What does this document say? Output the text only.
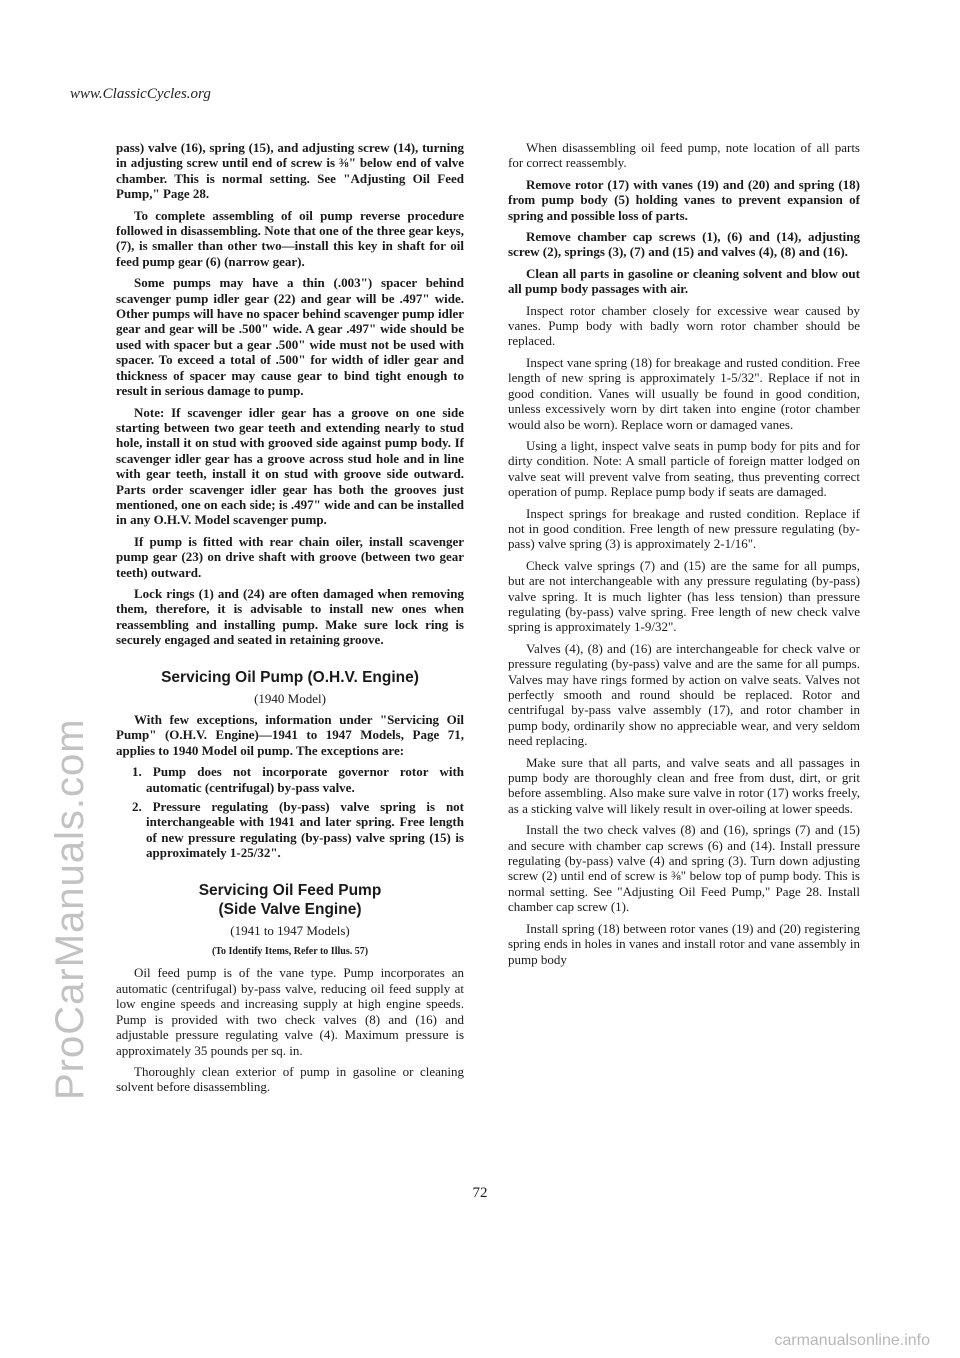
www.ClassicCycles.org
ProCarManuals.com

pass) valve (16), spring (15), and adjusting screw (14), turning in adjusting screw until end of screw is ⅜" below end of valve chamber. This is normal setting. See "Adjusting Oil Feed Pump," Page 28.

To complete assembling of oil pump reverse procedure followed in disassembling. Note that one of the three gear keys, (7), is smaller than other two—install this key in shaft for oil feed pump gear (6) (narrow gear).

Some pumps may have a thin (.003") spacer behind scavenger pump idler gear (22) and gear will be .497" wide. Other pumps will have no spacer behind scavenger pump idler gear and gear will be .500" wide. A gear .497" wide should be used with spacer but a gear .500" wide must not be used with spacer. To exceed a total of .500" for width of idler gear and thickness of spacer may cause gear to bind tight enough to result in serious damage to pump.

Note: If scavenger idler gear has a groove on one side starting between two gear teeth and extending nearly to stud hole, install it on stud with grooved side against pump body. If scavenger idler gear has a groove across stud hole and in line with gear teeth, install it on stud with groove side outward. Parts order scavenger idler gear has both the grooves just mentioned, one on each side; is .497" wide and can be installed in any O.H.V. Model scavenger pump.

If pump is fitted with rear chain oiler, install scavenger pump gear (23) on drive shaft with groove (between two gear teeth) outward.

Lock rings (1) and (24) are often damaged when removing them, therefore, it is advisable to install new ones when reassembling and installing pump. Make sure lock ring is securely engaged and seated in retaining groove.

Servicing Oil Pump (O.H.V. Engine)
(1940 Model)

With few exceptions, information under "Servicing Oil Pump" (O.H.V. Engine)—1941 to 1947 Models, Page 71, applies to 1940 Model oil pump. The exceptions are:

1. Pump does not incorporate governor rotor with automatic (centrifugal) by-pass valve.
2. Pressure regulating (by-pass) valve spring is not interchangeable with 1941 and later spring. Free length of new pressure regulating (by-pass) valve spring (15) is approximately 1-25/32".
Servicing Oil Feed Pump
(Side Valve Engine)
(1941 to 1947 Models)
(To Identify Items, Refer to Illus. 57)

Oil feed pump is of the vane type. Pump incorporates an automatic (centrifugal) by-pass valve, reducing oil feed supply at low engine speeds and increasing supply at high engine speeds. Pump is provided with two check valves (8) and (16) and adjustable pressure regulating valve (4). Maximum pressure is approximately 35 pounds per sq. in.

Thoroughly clean exterior of pump in gasoline or cleaning solvent before disassembling.

When disassembling oil feed pump, note location of all parts for correct reassembly.

Remove rotor (17) with vanes (19) and (20) and spring (18) from pump body (5) holding vanes to prevent expansion of spring and possible loss of parts.

Remove chamber cap screws (1), (6) and (14), adjusting screw (2), springs (3), (7) and (15) and valves (4), (8) and (16).

Clean all parts in gasoline or cleaning solvent and blow out all pump body passages with air.

Inspect rotor chamber closely for excessive wear caused by vanes. Pump body with badly worn rotor chamber should be replaced.

Inspect vane spring (18) for breakage and rusted condition. Free length of new spring is approximately 1-5/32". Replace if not in good condition. Vanes will usually be found in good condition, unless excessively worn by dirt taken into engine (rotor chamber would also be worn). Replace worn or damaged vanes.

Using a light, inspect valve seats in pump body for pits and for dirty condition. Note: A small particle of foreign matter lodged on valve seat will prevent valve from seating, thus preventing correct operation of pump. Replace pump body if seats are damaged.

Inspect springs for breakage and rusted condition. Replace if not in good condition. Free length of new pressure regulating (by-pass) valve spring (3) is approximately 2-1/16".

Check valve springs (7) and (15) are the same for all pumps, but are not interchangeable with any pressure regulating (by-pass) valve spring. It is much lighter (has less tension) than pressure regulating (by-pass) valve spring. Free length of new check valve spring is approximately 1-9/32".

Valves (4), (8) and (16) are interchangeable for check valve or pressure regulating (by-pass) valve and are the same for all pumps. Valves may have rings formed by action on valve seats. Valves not perfectly smooth and round should be replaced. Rotor and centrifugal by-pass valve assembly (17), and rotor chamber in pump body, ordinarily show no appreciable wear, and very seldom need replacing.

Make sure that all parts, and valve seats and all passages in pump body are thoroughly clean and free from dust, dirt, or grit before assembling. Also make sure valve in rotor (17) works freely, as a sticking valve will likely result in over-oiling at lower speeds.

Install the two check valves (8) and (16), springs (7) and (15) and secure with chamber cap screws (6) and (14). Install pressure regulating (by-pass) valve (4) and spring (3). Turn down adjusting screw (2) until end of screw is ⅜" below top of pump body. This is normal setting. See "Adjusting Oil Feed Pump," Page 28. Install chamber cap screw (1).

Install spring (18) between rotor vanes (19) and (20) registering spring ends in holes in vanes and install rotor and vane assembly in pump body

72
carmanualsonline.info
